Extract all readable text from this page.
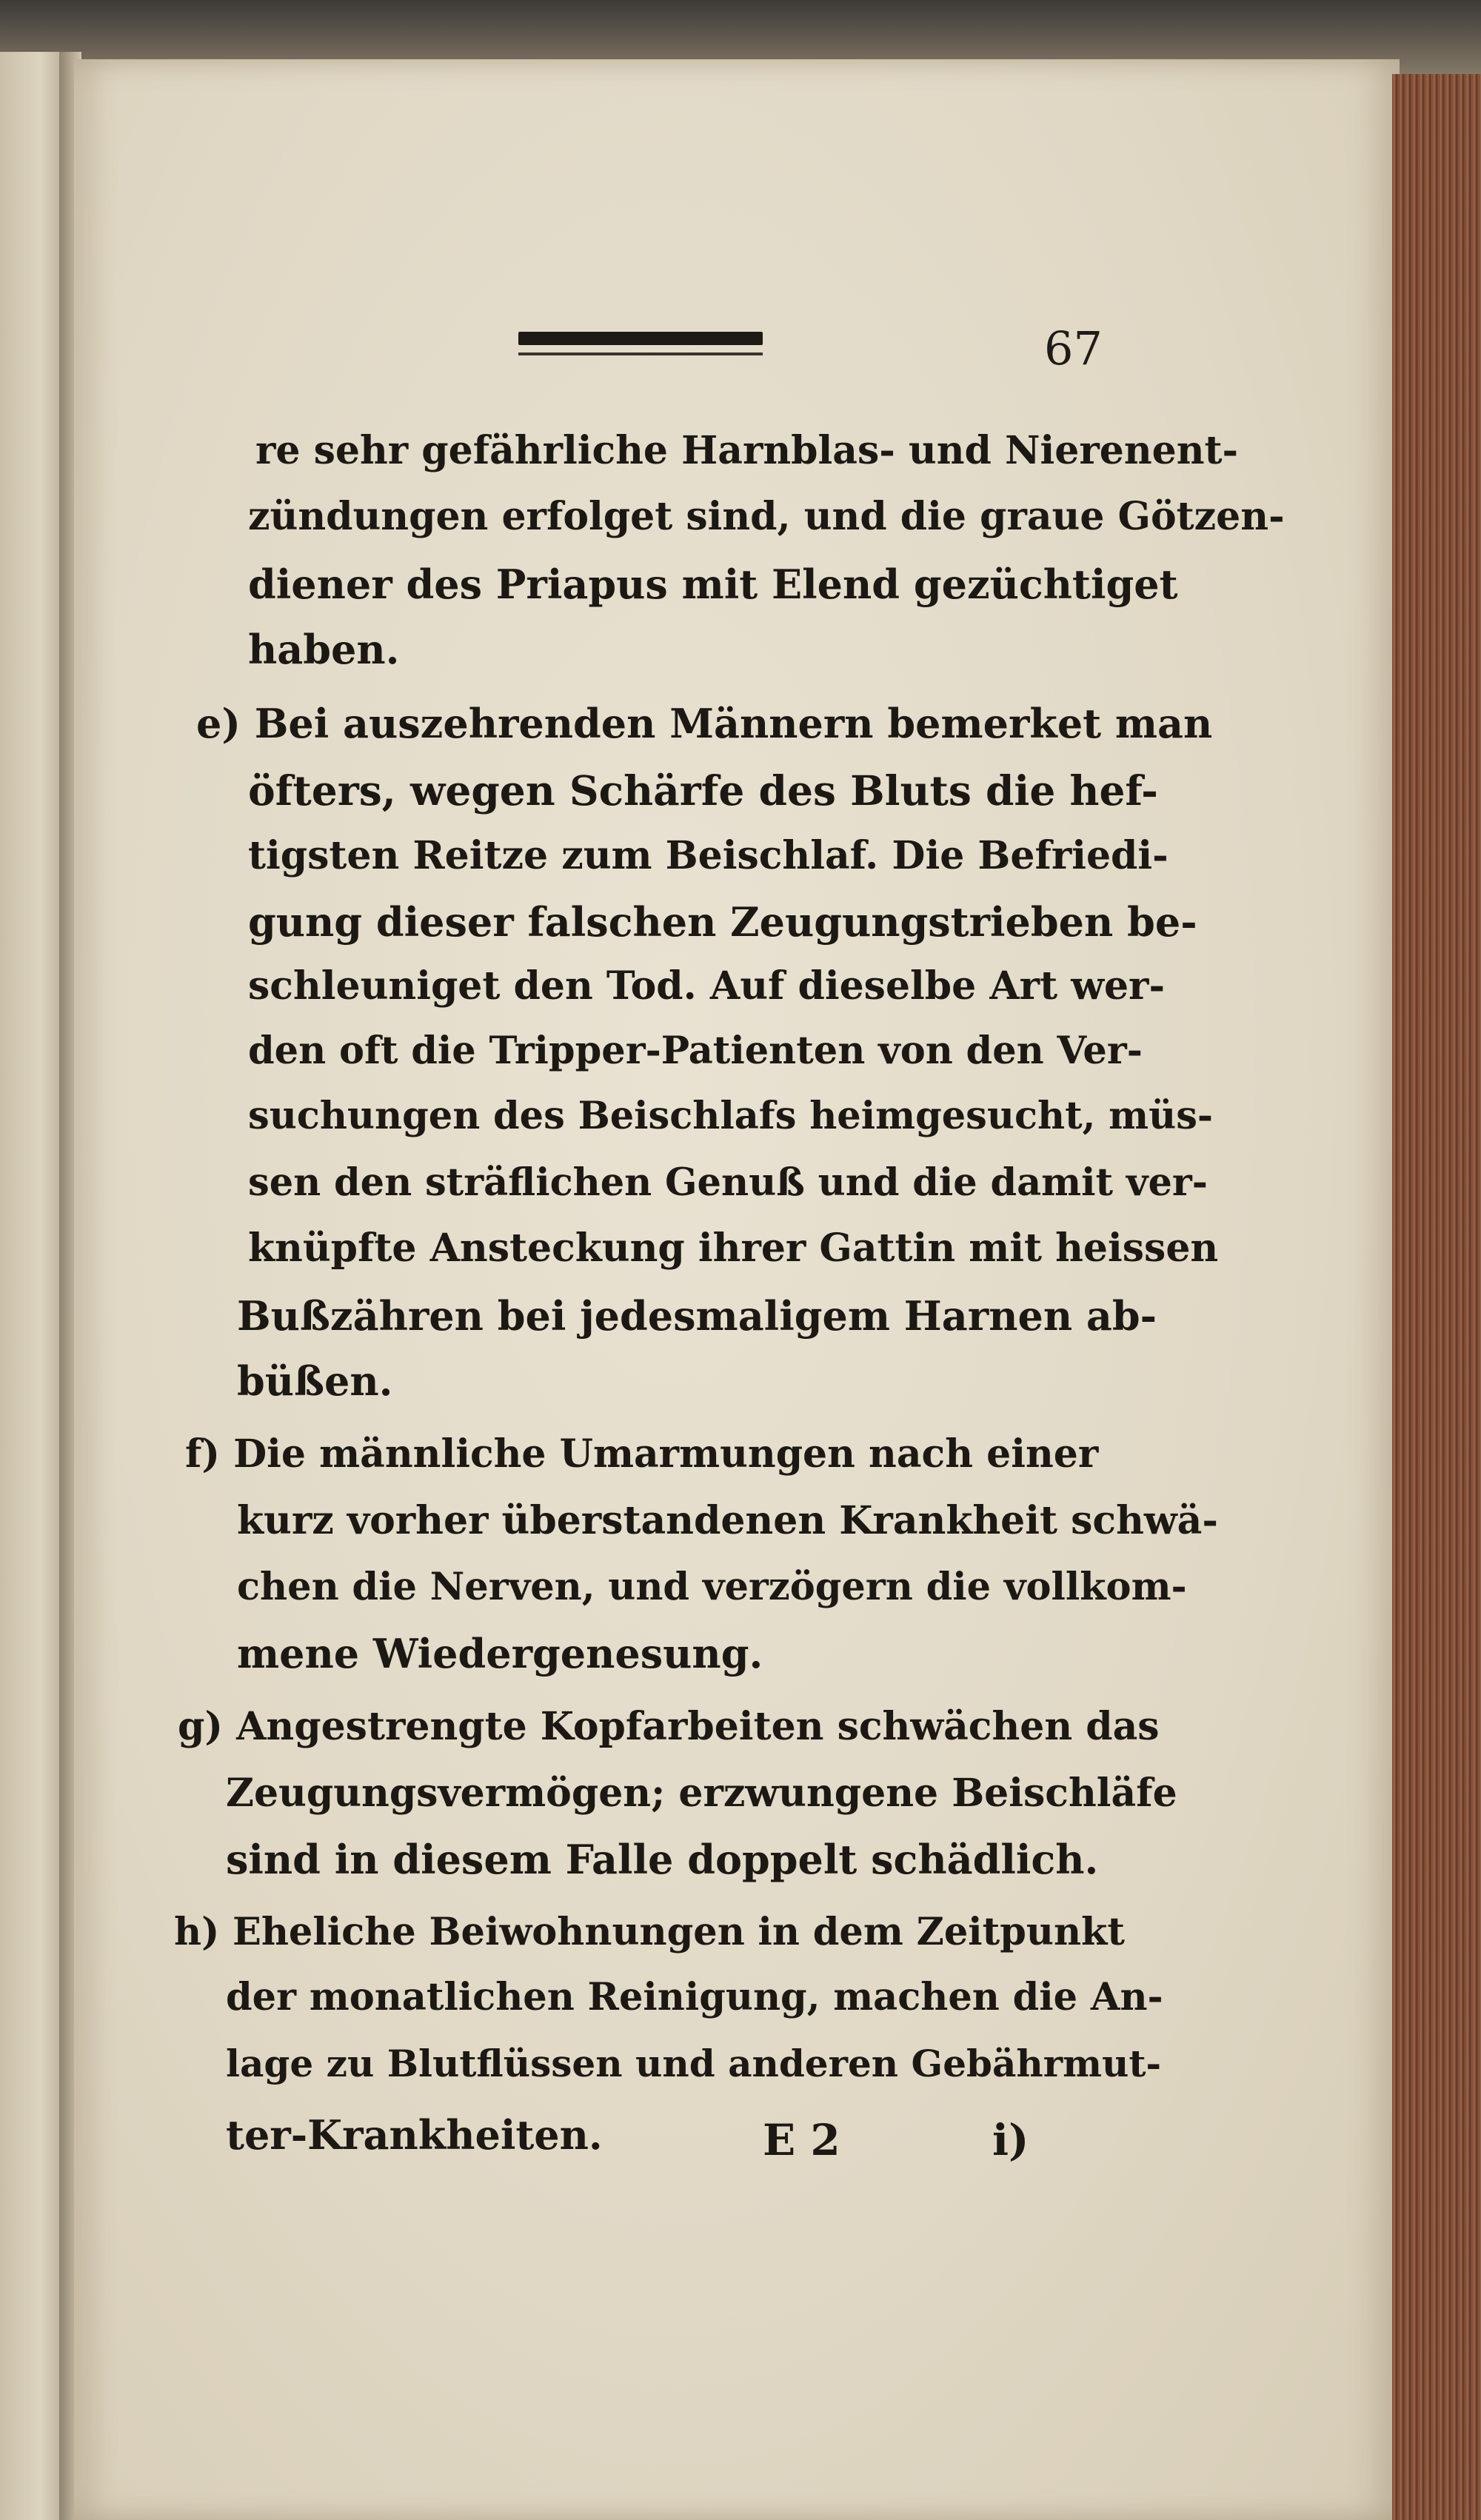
67
re sehr gefährliche Harnblas- und Nierenent-
zündungen erfolget sind, und die graue Götzen-
diener des Priapus mit Elend gezüchtiget
haben.
e) Bei auszehrenden Männern bemerket man
öfters, wegen Schärfe des Bluts die hef-
tigsten Reitze zum Beischlaf. Die Befriedi-
gung dieser falschen Zeugungstrieben be-
schleuniget den Tod. Auf dieselbe Art wer-
den oft die Tripper-Patienten von den Ver-
suchungen des Beischlafs heimgesucht, müs-
sen den sträflichen Genuß und die damit ver-
knüpfte Ansteckung ihrer Gattin mit heissen
Bußzähren bei jedesmaligem Harnen ab-
büßen.
f) Die männliche Umarmungen nach einer
kurz vorher überstandenen Krankheit schwä-
chen die Nerven, und verzögern die vollkom-
mene Wiedergenesung.
g) Angestrengte Kopfarbeiten schwächen das
Zeugungsvermögen; erzwungene Beischläfe
sind in diesem Falle doppelt schädlich.
h) Eheliche Beiwohnungen in dem Zeitpunkt
der monatlichen Reinigung, machen die An-
lage zu Blutflüssen und anderen Gebährmut-
ter-Krankheiten.	E 2	i)
